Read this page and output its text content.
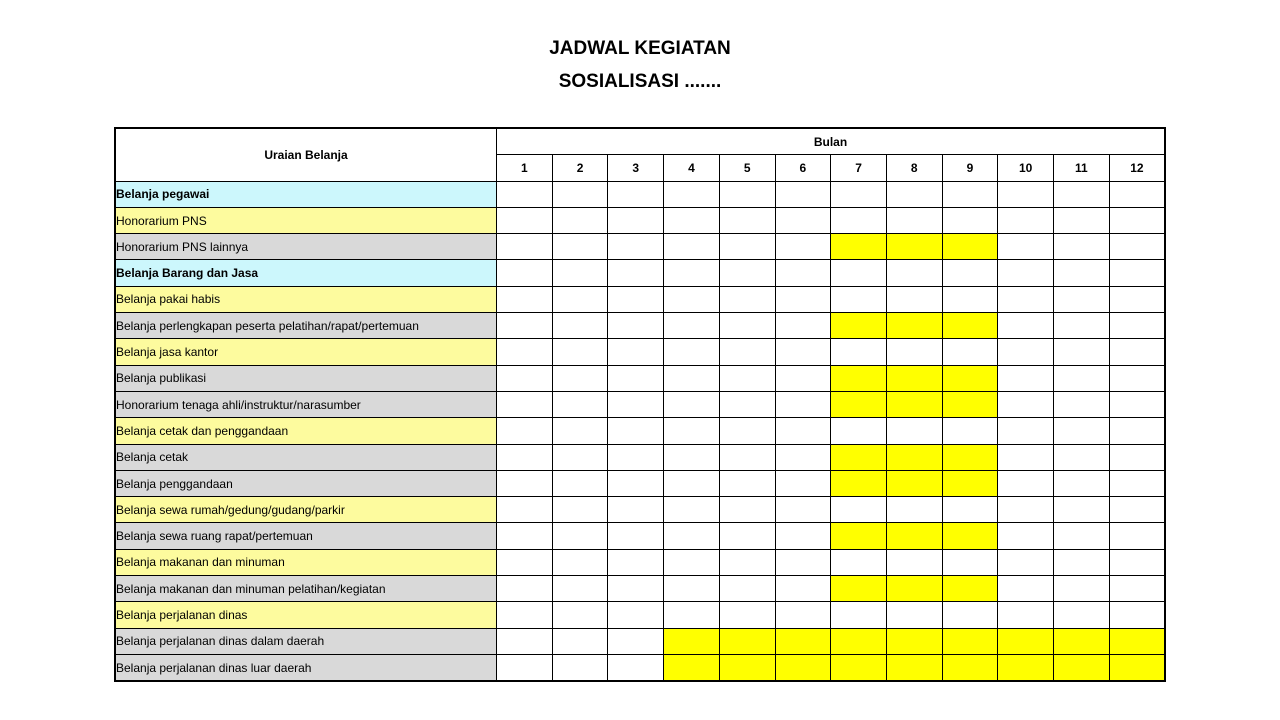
JADWAL KEGIATAN
SOSIALISASI .......
Uraian Belanja	Bulan											
	1	2	3	4	5	6	7	8	9	10	11	12
Belanja pegawai												
Honorarium PNS												
Honorarium PNS lainnya												
Belanja Barang dan Jasa												
Belanja pakai habis												
Belanja perlengkapan peserta pelatihan/rapat/pertemuan												
Belanja jasa kantor												
Belanja publikasi												
Honorarium tenaga ahli/instruktur/narasumber												
Belanja cetak dan penggandaan												
Belanja cetak												
Belanja penggandaan												
Belanja sewa rumah/gedung/gudang/parkir												
Belanja sewa ruang rapat/pertemuan												
Belanja makanan dan minuman												
Belanja makanan dan minuman pelatihan/kegiatan												
Belanja perjalanan dinas												
Belanja perjalanan dinas dalam daerah												
Belanja perjalanan dinas luar daerah												
